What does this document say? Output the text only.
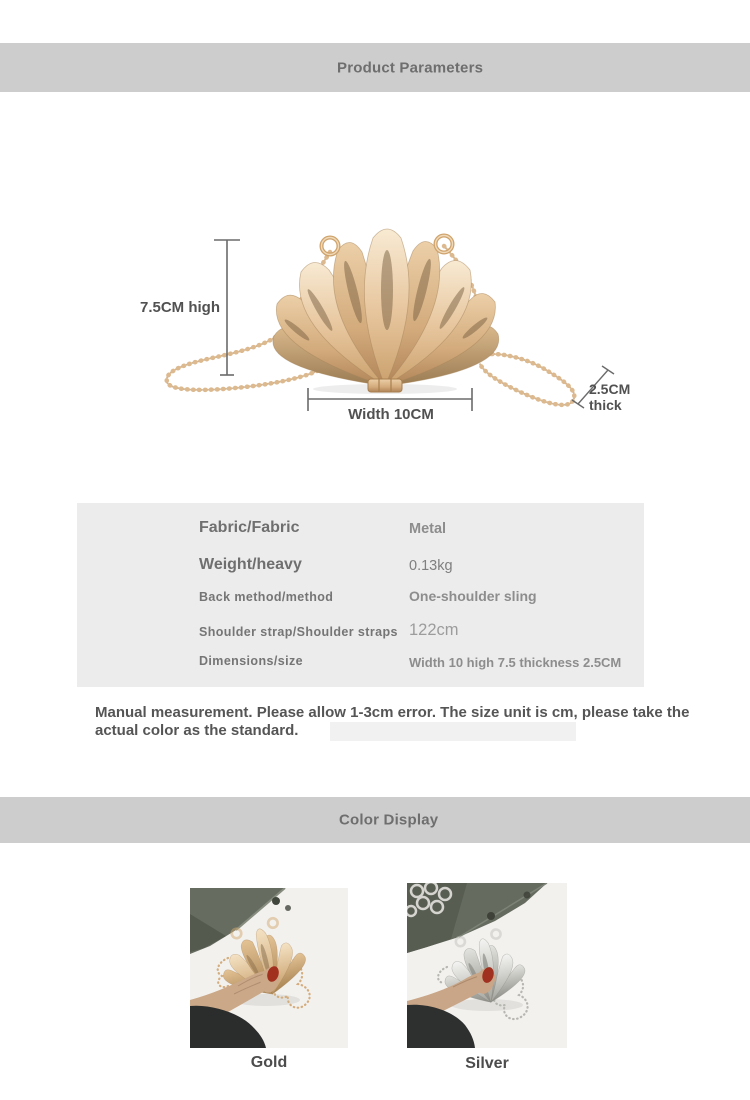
Product Parameters
7.5CM high
Width 10CM
2.5CM
thick
Fabric/Fabric	Metal
Weight/heavy	0.13kg
Back method/method	One-shoulder sling
Shoulder strap/Shoulder straps 122cm
Dimensions/size	Width 10 high 7.5 thickness 2.5CM
Manual measurement. Please allow 1-3cm error. The size unit is cm, please take the actual color as the standard.
Color Display
Gold	Silver
